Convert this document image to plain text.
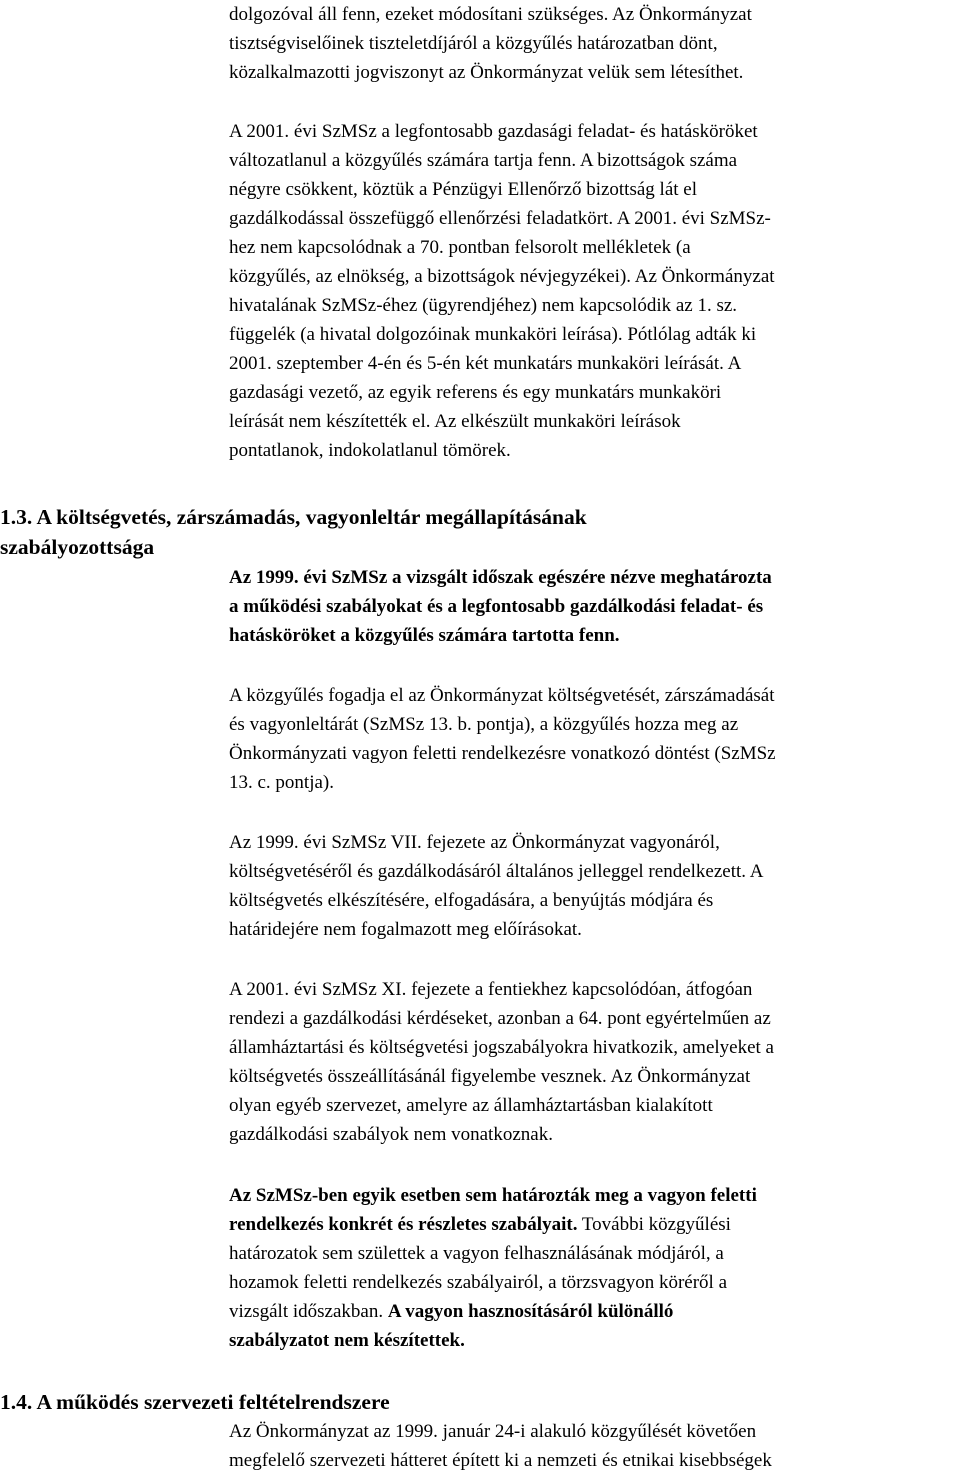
dolgozóval áll fenn, ezeket módosítani szükséges. Az Önkormányzat
tisztségviselőinek tiszteletdíjáról a közgyűlés határozatban dönt,
közalkalmazotti jogviszonyt az Önkormányzat velük sem létesíthet.

A 2001. évi SzMSz a legfontosabb gazdasági feladat- és hatásköröket
változatlanul a közgyűlés számára tartja fenn. A bizottságok száma
négyre csökkent, köztük a Pénzügyi Ellenőrző bizottság lát el
gazdálkodással összefüggő ellenőrzési feladatkört. A 2001. évi SzMSz-
hez nem kapcsolódnak a 70. pontban felsorolt mellékletek (a
közgyűlés, az elnökség, a bizottságok névjegyzékei). Az Önkormányzat
hivatalának SzMSz-éhez (ügyrendjéhez) nem kapcsolódik az 1. sz.
függelék (a hivatal dolgozóinak munkaköri leírása). Pótlólag adták ki
2001. szeptember 4-én és 5-én két munkatárs munkaköri leírását. A
gazdasági vezető, az egyik referens és egy munkatárs munkaköri
leírását nem készítették el. Az elkészült munkaköri leírások
pontatlanok, indokolatlanul tömörek.

1.3. A költségvetés, zárszámadás, vagyonleltár megállapításának
szabályozottsága

Az 1999. évi SzMSz a vizsgált időszak egészére nézve meghatározta
a működési szabályokat és a legfontosabb gazdálkodási feladat- és
hatásköröket a közgyűlés számára tartotta fenn.

A közgyűlés fogadja el az Önkormányzat költségvetését, zárszámadását
és vagyonleltárát (SzMSz 13. b. pontja), a közgyűlés hozza meg az
Önkormányzati vagyon feletti rendelkezésre vonatkozó döntést (SzMSz
13. c. pontja).

Az 1999. évi SzMSz VII. fejezete az Önkormányzat vagyonáról,
költségvetéséről és gazdálkodásáról általános jelleggel rendelkezett. A
költségvetés elkészítésére, elfogadására, a benyújtás módjára és
határidejére nem fogalmazott meg előírásokat.

A 2001. évi SzMSz XI. fejezete a fentiekhez kapcsolódóan, átfogóan
rendezi a gazdálkodási kérdéseket, azonban a 64. pont egyértelműen az
államháztartási és költségvetési jogszabályokra hivatkozik, amelyeket a
költségvetés összeállításánál figyelembe vesznek. Az Önkormányzat
olyan egyéb szervezet, amelyre az államháztartásban kialakított
gazdálkodási szabályok nem vonatkoznak.

Az SzMSz-ben egyik esetben sem határozták meg a vagyon feletti
rendelkezés konkrét és részletes szabályait. További közgyűlési
határozatok sem születtek a vagyon felhasználásának módjáról, a
hozamok feletti rendelkezés szabályairól, a törzsvagyon köréről a
vizsgált időszakban. A vagyon hasznosításáról különálló
szabályzatot nem készítettek.

1.4. A működés szervezeti feltételrendszere

Az Önkormányzat az 1999. január 24-i alakuló közgyűlését követően
megfelelő szervezeti hátteret épített ki a nemzeti és etnikai kisebbségek
